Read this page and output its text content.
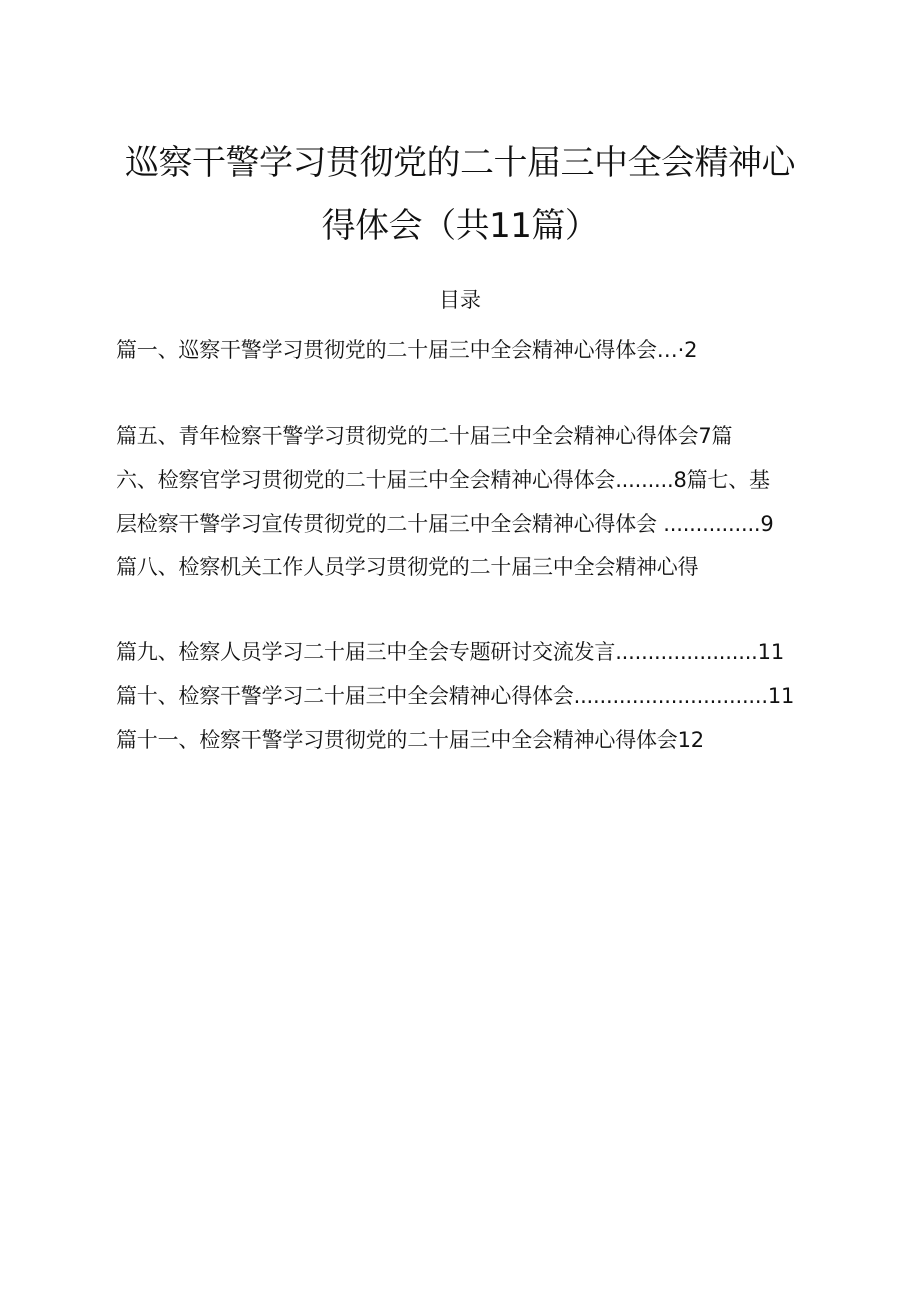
巡察干警学习贯彻党的二十届三中全会精神心
得体会（共11篇）
目录
篇一、巡察干警学习贯彻党的二十届三中全会精神心得体会…·2
篇五、青年检察干警学习贯彻党的二十届三中全会精神心得体会7篇
六、检察官学习贯彻党的二十届三中全会精神心得体会.........8篇七、基
层检察干警学习宣传贯彻党的二十届三中全会精神心得体会 ...............9
篇八、检察机关工作人员学习贯彻党的二十届三中全会精神心得
篇九、检察人员学习二十届三中全会专题研讨交流发言......................11
篇十、检察干警学习二十届三中全会精神心得体会..............................11
篇十一、检察干警学习贯彻党的二十届三中全会精神心得体会12
